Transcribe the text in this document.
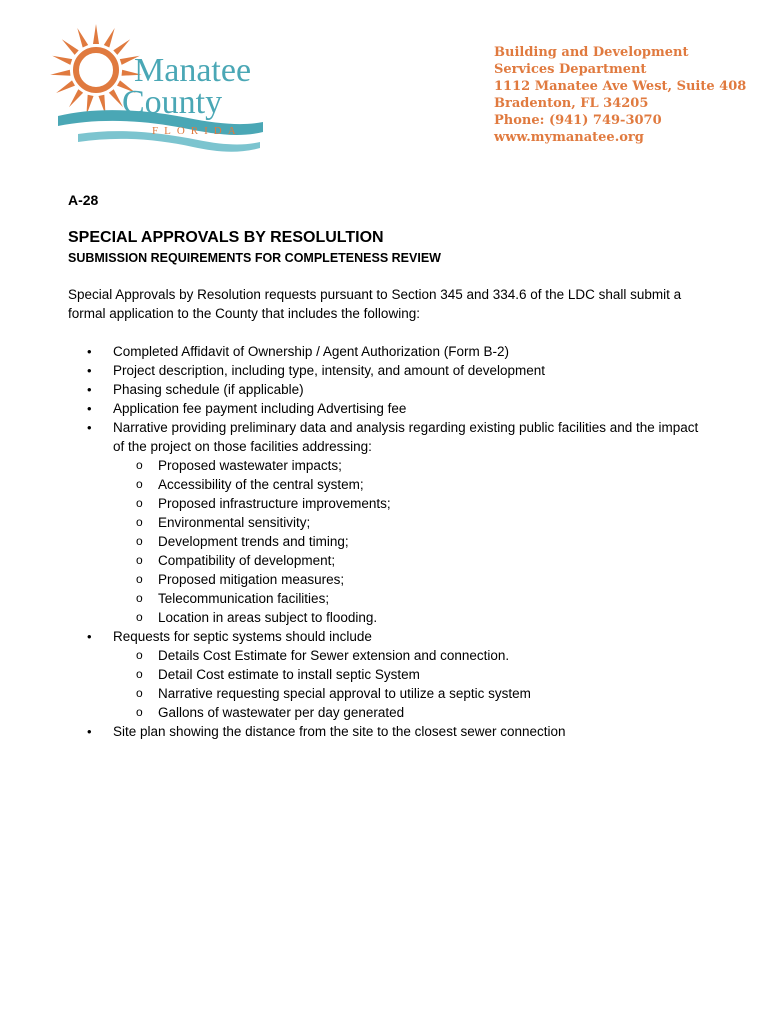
Manatee
County
FLORIDA
Building and Development
Services Department
1112 Manatee Ave West, Suite 408
Bradenton, FL 34205
Phone: (941) 749-3070
www.mymanatee.org
A-28
SPECIAL APPROVALS BY RESOLULTION
SUBMISSION REQUIREMENTS FOR COMPLETENESS REVIEW
Special Approvals by Resolution requests pursuant to Section 345 and 334.6 of the LDC shall submit a formal application to the County that includes the following:
• Completed Affidavit of Ownership / Agent Authorization (Form B-2)
• Project description, including type, intensity, and amount of development
• Phasing schedule (if applicable)
• Application fee payment including Advertising fee
• Narrative providing preliminary data and analysis regarding existing public facilities and the impact of the project on those facilities addressing:
o Proposed wastewater impacts;
o Accessibility of the central system;
o Proposed infrastructure improvements;
o Environmental sensitivity;
o Development trends and timing;
o Compatibility of development;
o Proposed mitigation measures;
o Telecommunication facilities;
o Location in areas subject to flooding.
• Requests for septic systems should include
o Details Cost Estimate for Sewer extension and connection.
o Detail Cost estimate to install septic System
o Narrative requesting special approval to utilize a septic system
o Gallons of wastewater per day generated
• Site plan showing the distance from the site to the closest sewer connection
